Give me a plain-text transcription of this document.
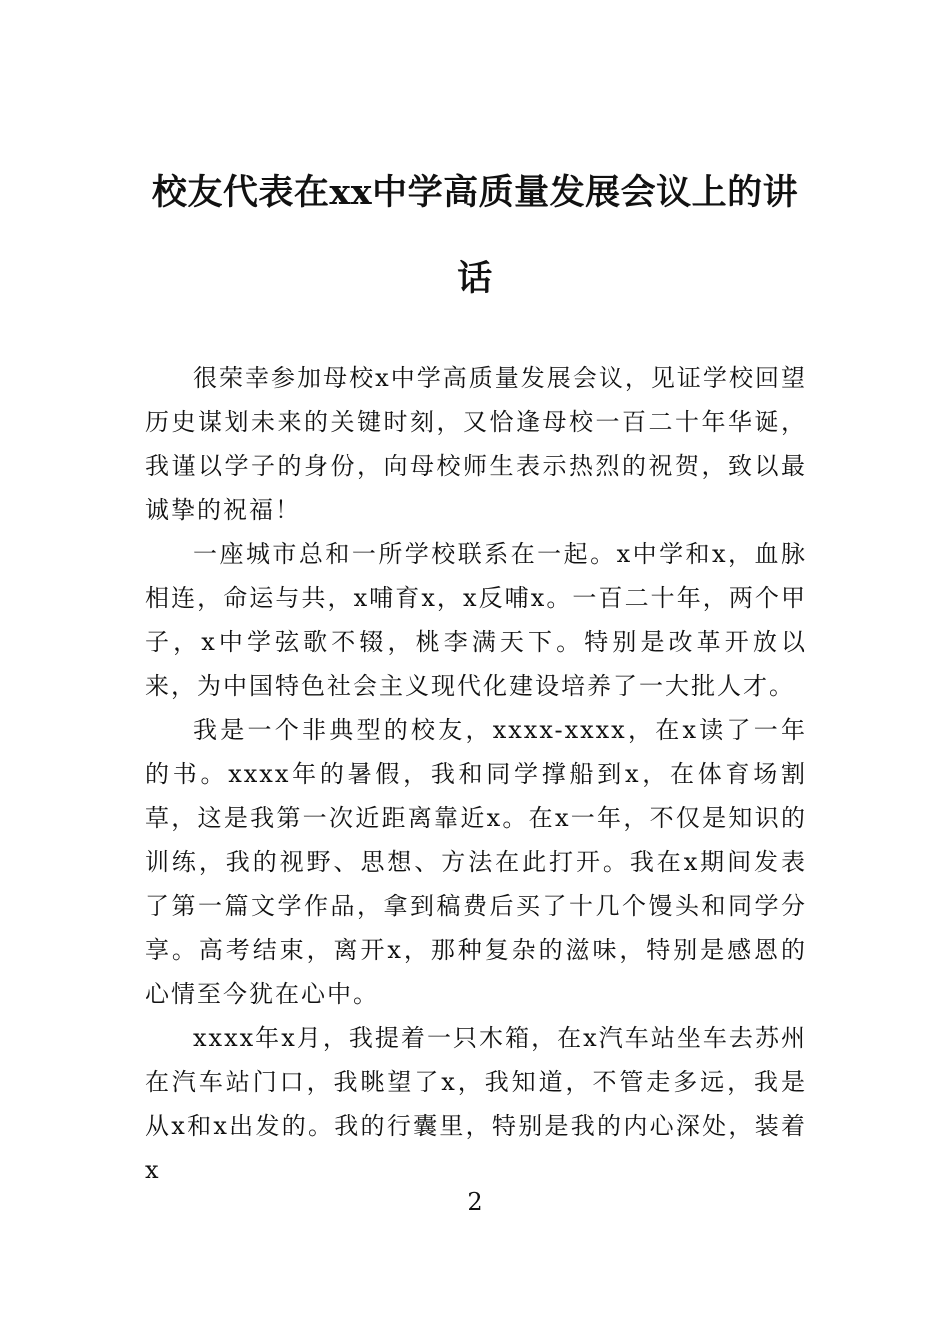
校友代表在xx中学高质量发展会议上的讲话

很荣幸参加母校x中学高质量发展会议，见证学校回望历史谋划未来的关键时刻，又恰逢母校一百二十年华诞，我谨以学子的身份，向母校师生表示热烈的祝贺，致以最诚挚的祝福！

一座城市总和一所学校联系在一起。x中学和x，血脉相连，命运与共，x哺育x，x反哺x。一百二十年，两个甲子，x中学弦歌不辍，桃李满天下。特别是改革开放以来，为中国特色社会主义现代化建设培养了一大批人才。

我是一个非典型的校友，xxxx-xxxx，在x读了一年的书。xxxx年的暑假，我和同学撑船到x，在体育场割草，这是我第一次近距离靠近x。在x一年，不仅是知识的训练，我的视野、思想、方法在此打开。我在x期间发表了第一篇文学作品，拿到稿费后买了十几个馒头和同学分享。高考结束，离开x，那种复杂的滋味，特别是感恩的心情至今犹在心中。

xxxx年x月，我提着一只木箱，在x汽车站坐车去苏州在汽车站门口，我眺望了x，我知道，不管走多远，我是从x和x出发的。我的行囊里，特别是我的内心深处，装着x

2
